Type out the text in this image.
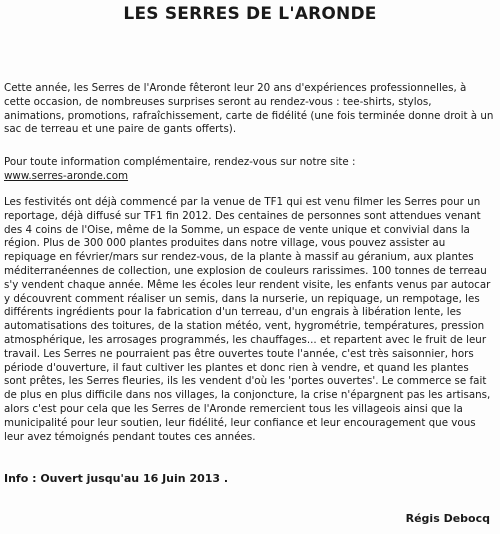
LES SERRES DE L'ARONDE

Cette année, les Serres de l'Aronde fêteront leur 20 ans d'expériences professionnelles, à cette occasion, de nombreuses surprises seront au rendez-vous : tee-shirts, stylos, animations, promotions, rafraîchissement, carte de fidélité (une fois terminée donne droit à un sac de terreau et une paire de gants offerts).

Pour toute information complémentaire, rendez-vous sur notre site :

www.serres-aronde.com

Les festivités ont déjà commencé par la venue de TF1 qui est venu filmer les Serres pour un reportage, déjà diffusé sur TF1 fin 2012. Des centaines de personnes sont attendues venant des 4 coins de l'Oise, même de la Somme, un espace de vente unique et convivial dans la région. Plus de 300 000 plantes produites dans notre village, vous pouvez assister au repiquage en février/mars sur rendez-vous, de la plante à massif au géranium, aux plantes méditerranéennes de collection, une explosion de couleurs rarissimes. 100 tonnes de terreau s'y vendent chaque année. Même les écoles leur rendent visite, les enfants venus par autocar y découvrent comment réaliser un semis, dans la nurserie, un repiquage, un rempotage, les différents ingrédients pour la fabrication d'un terreau, d'un engrais à libération lente, les automatisations des toitures, de la station météo, vent, hygrométrie, températures, pression atmosphérique, les arrosages programmés, les chauffages... et repartent avec le fruit de leur travail. Les Serres ne pourraient pas être ouvertes toute l'année, c'est très saisonnier, hors période d'ouverture, il faut cultiver les plantes et donc rien à vendre, et quand les plantes sont prêtes, les Serres fleuries, ils les vendent d'où les 'portes ouvertes'. Le commerce se fait de plus en plus difficile dans nos villages, la conjoncture, la crise n'épargnent pas les artisans, alors c'est pour cela que les Serres de l'Aronde remercient tous les villageois ainsi que la municipalité pour leur soutien, leur fidélité, leur confiance et leur encouragement que vous leur avez témoignés pendant toutes ces années.

Info : Ouvert jusqu'au 16 Juin 2013 .
Régis Debocq
